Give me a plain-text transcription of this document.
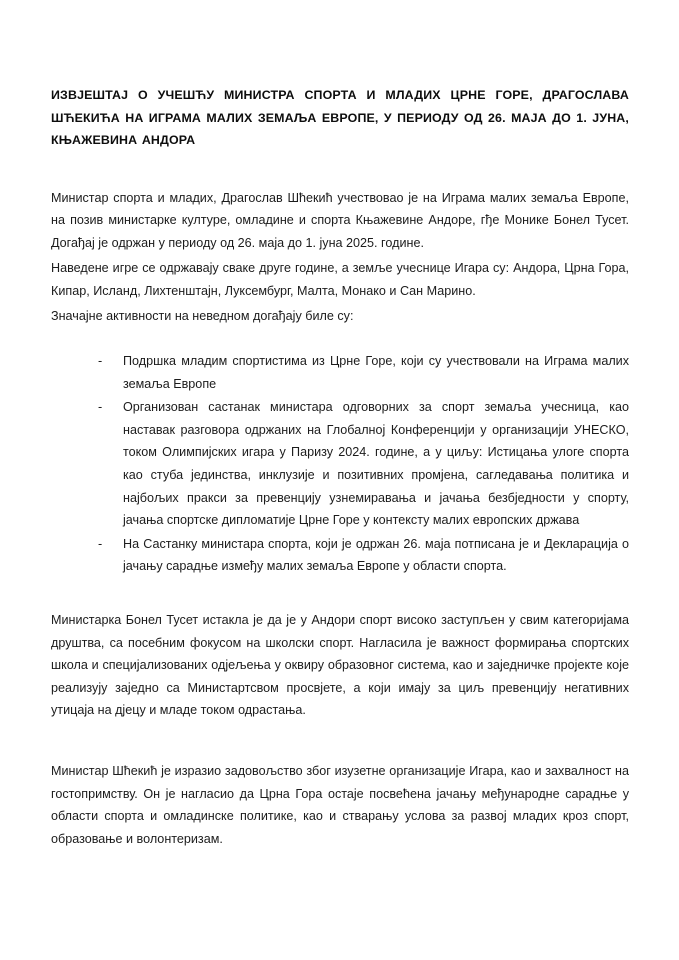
ИЗВЈЕШТАЈ О УЧЕШЋУ МИНИСТРА СПОРТА И МЛАДИХ ЦРНЕ ГОРЕ, ДРАГОСЛАВА ШЋЕКИЋА НА ИГРАМА МАЛИХ ЗЕМАЉА ЕВРОПЕ, У ПЕРИОДУ ОД 26. МАЈА ДО 1. ЈУНА, КЊАЖЕВИНА АНДОРА

Министар спорта и младих, Драгослав Шћекић учествовао је на Играма малих земаља Европе, на позив министарке културе, омладине и спорта Књажевине Андоре, гђе Монике Бонел Тусет. Догађај је одржан у периоду од 26. маја до 1. јуна 2025. године.

Наведене игре се одржавају сваке друге године, а земље учеснице Игара су: Андора, Црна Гора, Кипар, Исланд, Лихтенштајн, Луксембург, Малта, Монако и Сан Марино.

Значајне активности на неведном догађају биле су:

- Подршка младим спортистима из Црне Горе, који су учествовали на Играма малих земаља Европе
- Организован састанак министара одговорних за спорт земаља учесница, као наставак разговора одржаних на Глобалној Конференцији у организацији УНЕСКО, током Олимпијских игара у Паризу 2024. године, а у циљу: Истицања улоге спорта као стуба јединства, инклузије и позитивних промјена, сагледавања политика и најбољих пракси за превенцију узнемиравања и јачања безбједности у спорту, јачања спортске дипломатије Црне Горе у контексту малих европских држава
- На Састанку министара спорта, који је одржан 26. маја потписана је и Декларација о јачању сарадње између малих земаља Европе у области спорта.

Министарка Бонел Тусет истакла је да је у Андори спорт високо заступљен у свим категоријама друштва, са посебним фокусом на школски спорт. Нагласила је важност формирања спортских школа и специјализованих одјељења у оквиру образовног система, као и заједничке пројекте које реализују заједно са Министартсвом просвјете, а који имају за циљ превенцију негативних утицаја на дјецу и младе током одрастања.

Министар Шћекић је изразио задовољство због изузетне организације Игара, као и захвалност на гостопримству. Он је нагласио да Црна Гора остаје посвећена јачању међународне сарадње у области спорта и омладинске политике, као и стварању услова за развој младих кроз спорт, образовање и волонтеризам.
